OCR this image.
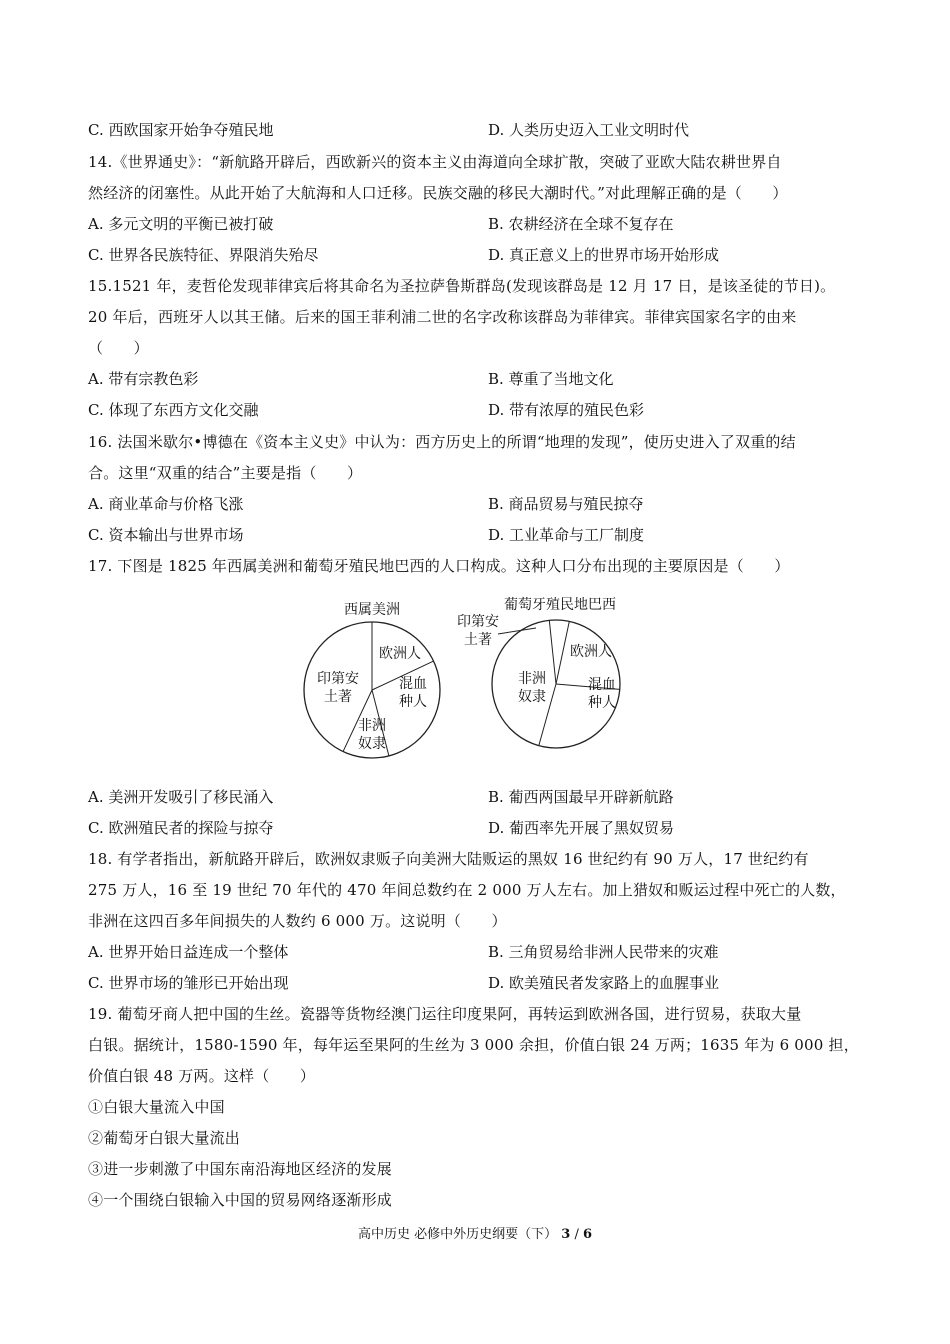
C. 西欧国家开始争夺殖民地	D. 人类历史迈入工业文明时代
14.《世界通史》：“新航路开辟后，西欧新兴的资本主义由海道向全球扩散，突破了亚欧大陆农耕世界自
然经济的闭塞性。从此开始了大航海和人口迁移。民族交融的移民大潮时代。”对此理解正确的是（　　）
A. 多元文明的平衡已被打破	B. 农耕经济在全球不复存在
C. 世界各民族特征、界限消失殆尽	D. 真正意义上的世界市场开始形成
15.1521 年，麦哲伦发现菲律宾后将其命名为圣拉萨鲁斯群岛(发现该群岛是 12 月 17 日，是该圣徒的节日)。
20 年后，西班牙人以其王储。后来的国王菲利浦二世的名字改称该群岛为菲律宾。菲律宾国家名字的由来
（　　）
A. 带有宗教色彩	B. 尊重了当地文化
C. 体现了东西方文化交融	D. 带有浓厚的殖民色彩
16. 法国米歇尔•博德在《资本主义史》中认为：西方历史上的所谓“地理的发现”，使历史进入了双重的结
合。这里“双重的结合”主要是指（　　）
A. 商业革命与价格飞涨	B. 商品贸易与殖民掠夺
C. 资本输出与世界市场	D. 工业革命与工厂制度
17. 下图是 1825 年西属美洲和葡萄牙殖民地巴西的人口构成。这种人口分布出现的主要原因是（　　）
西属美洲
欧洲人
混血种人
非洲奴隶
印第安土著
葡萄牙殖民地巴西
欧洲人
混血种人
非洲奴隶
印第安土著
A. 美洲开发吸引了移民涌入	B. 葡西两国最早开辟新航路
C. 欧洲殖民者的探险与掠夺	D. 葡西率先开展了黑奴贸易
18. 有学者指出，新航路开辟后，欧洲奴隶贩子向美洲大陆贩运的黑奴 16 世纪约有 90 万人，17 世纪约有
275 万人，16 至 19 世纪 70 年代的 470 年间总数约在 2 000 万人左右。加上猎奴和贩运过程中死亡的人数，
非洲在这四百多年间损失的人数约 6 000 万。这说明（　　）
A. 世界开始日益连成一个整体	B. 三角贸易给非洲人民带来的灾难
C. 世界市场的雏形已开始出现	D. 欧美殖民者发家路上的血腥事业
19. 葡萄牙商人把中国的生丝。瓷器等货物经澳门运往印度果阿，再转运到欧洲各国，进行贸易，获取大量
白银。据统计，1580-1590 年，每年运至果阿的生丝为 3 000 余担，价值白银 24 万两；1635 年为 6 000 担，
价值白银 48 万两。这样（　　）
①白银大量流入中国
②葡萄牙白银大量流出
③进一步刺激了中国东南沿海地区经济的发展
④一个围绕白银输入中国的贸易网络逐渐形成
高中历史 必修中外历史纲要（下） 3 / 6
